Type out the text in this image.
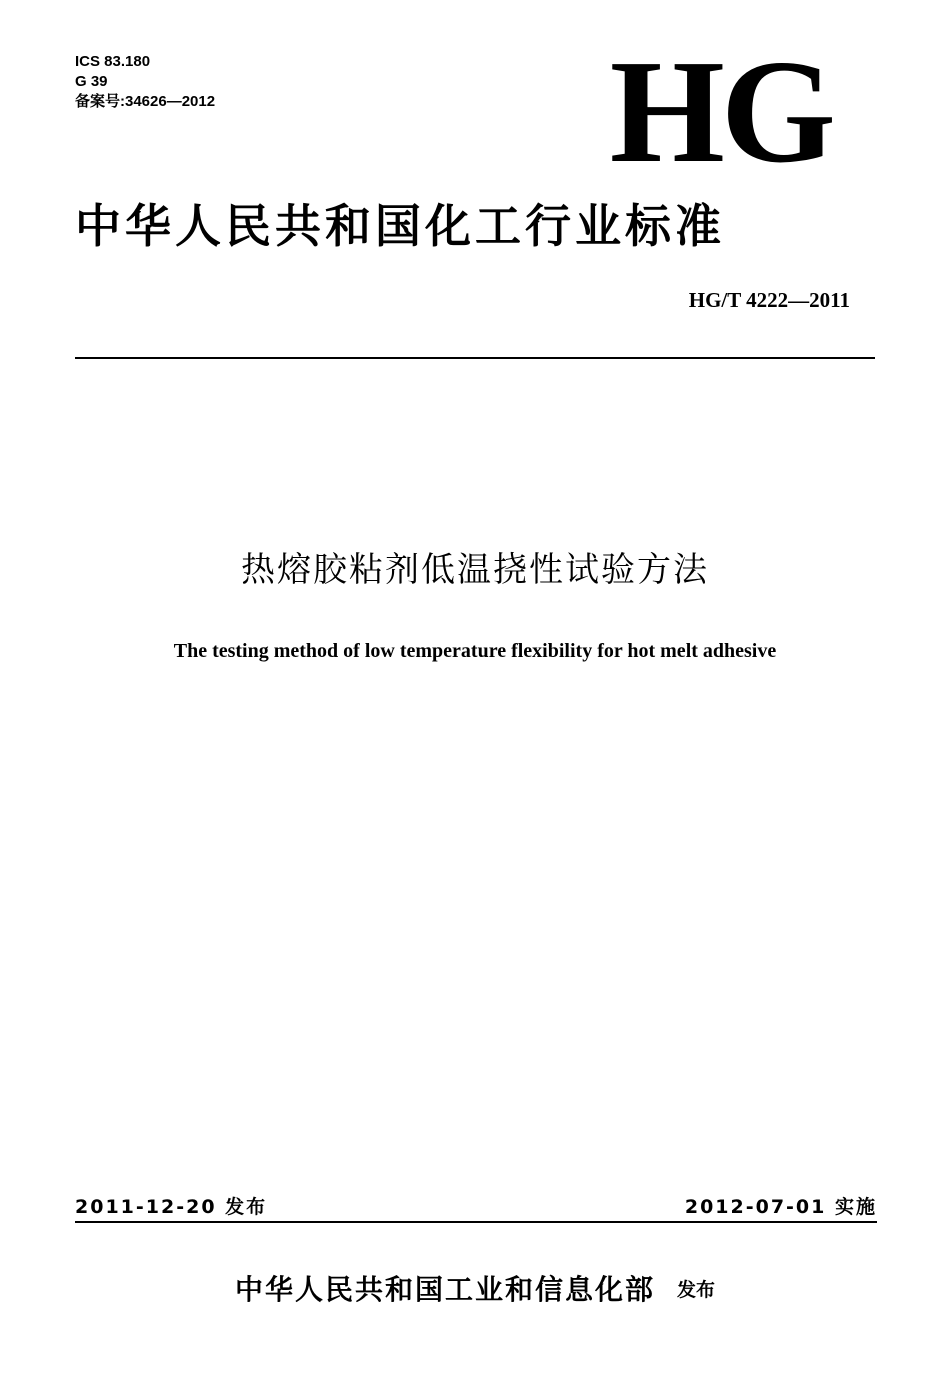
ICS 83.180
G 39
备案号:34626—2012	HG
中华人民共和国化工行业标准
HG/T 4222—2011
热熔胶粘剂低温挠性试验方法
The testing method of low temperature flexibility for hot melt adhesive
2011-12-20 发布	2012-07-01 实施
中华人民共和国工业和信息化部 发布
